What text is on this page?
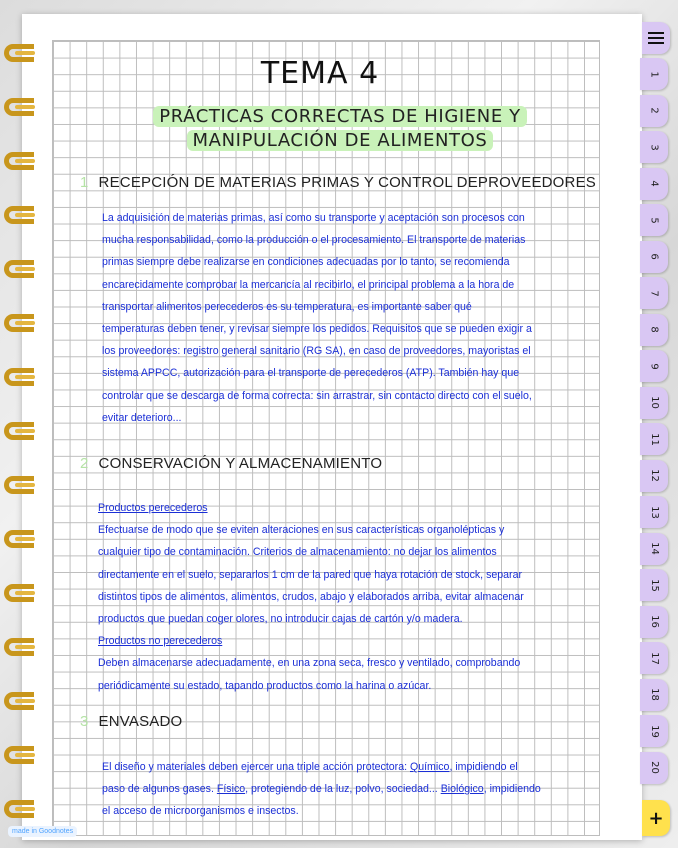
TEMA 4
PRÁCTICAS CORRECTAS DE HIGIENE Y
MANIPULACIÓN DE ALIMENTOS
1 RECEPCIÓN DE MATERIAS PRIMAS Y CONTROL DEPROVEEDORES
La adquisición de materias primas, así como su transporte y aceptación son procesos con
mucha responsabilidad, como la producción o el procesamiento. El transporte de materias
primas siempre debe realizarse en condiciones adecuadas por lo tanto, se recomienda
encarecidamente comprobar la mercancía al recibirlo, el principal problema a la hora de
transportar alimentos perecederos es su temperatura, es importante saber qué
temperaturas deben tener, y revisar siempre los pedidos. Requisitos que se pueden exigir a
los proveedores: registro general sanitario (RG SA), en caso de proveedores, mayoristas el
sistema APPCC, autorización para el transporte de perecederos (ATP). También hay que
controlar que se descarga de forma correcta: sin arrastrar, sin contacto directo con el suelo,
evitar deterioro...
2 CONSERVACIÓN Y ALMACENAMIENTO
Productos perecederos
Efectuarse de modo que se eviten alteraciones en sus características organolépticas y
cualquier tipo de contaminación. Criterios de almacenamiento: no dejar los alimentos
directamente en el suelo, separarlos 1 cm de la pared que haya rotación de stock, separar
distintos tipos de alimentos, alimentos, crudos, abajo y elaborados arriba, evitar almacenar
productos que puedan coger olores, no introducir cajas de cartón y/o madera.
Productos no perecederos
Deben almacenarse adecuadamente, en una zona seca, fresco y ventilado, comprobando
periódicamente su estado, tapando productos como la harina o azúcar.
3 ENVASADO
El diseño y materiales deben ejercer una triple acción protectora: Químico, impidiendo el
paso de algunos gases. Físico, protegiendo de la luz, polvo, sociedad... Biológico, impidiendo
el acceso de microorganismos e insectos.
1
2
3
4
5
6
7
8
9
10
11
12
13
14
15
16
17
18
19
20
+
made in Goodnotes
